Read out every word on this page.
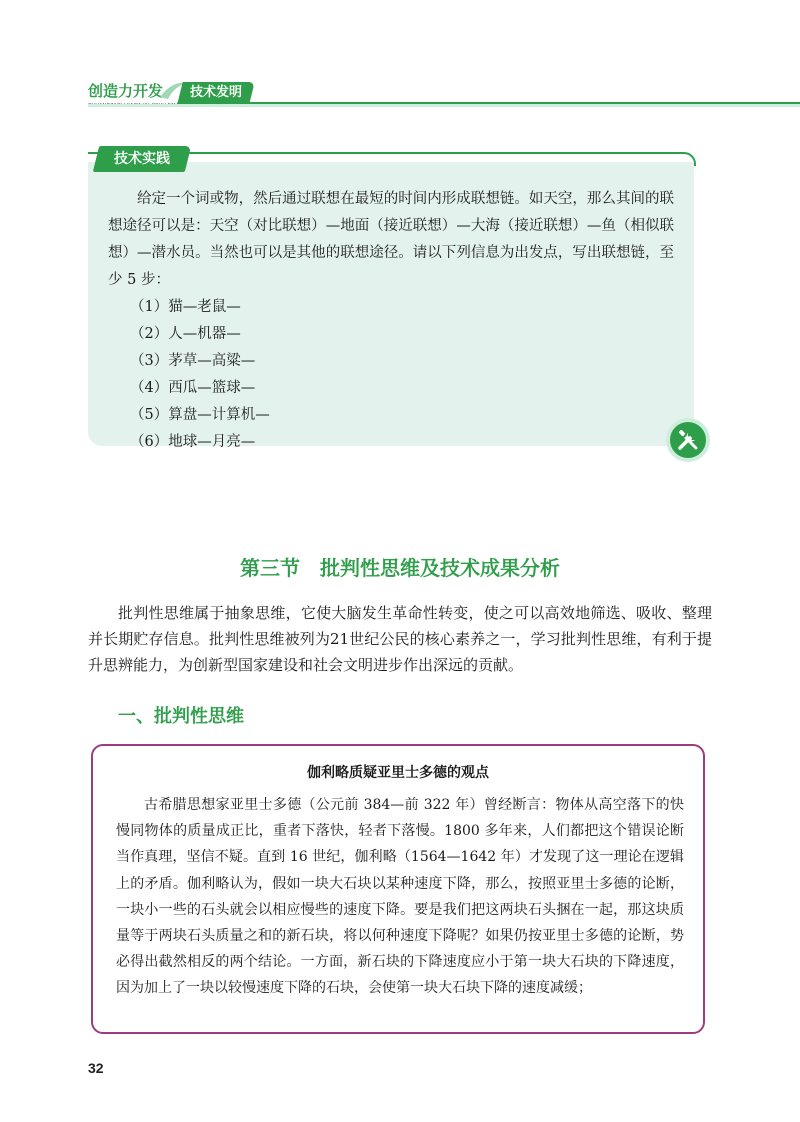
创造力开发	技术发明
技术实践

给定一个词或物，然后通过联想在最短的时间内形成联想链。如天空，那么其间的联想途径可以是：天空（对比联想）—地面（接近联想）—大海（接近联想）—鱼（相似联想）—潜水员。当然也可以是其他的联想途径。请以下列信息为出发点，写出联想链，至少 5 步：

（1）猫—老鼠—
（2）人—机器—
（3）茅草—高粱—
（4）西瓜—篮球—
（5）算盘—计算机—
（6）地球—月亮—
第三节　批判性思维及技术成果分析

批判性思维属于抽象思维，它使大脑发生革命性转变，使之可以高效地筛选、吸收、整理并长期贮存信息。批判性思维被列为21世纪公民的核心素养之一，学习批判性思维，有利于提升思辨能力，为创新型国家建设和社会文明进步作出深远的贡献。

一、批判性思维
伽利略质疑亚里士多德的观点

古希腊思想家亚里士多德（公元前 384—前 322 年）曾经断言：物体从高空落下的快慢同物体的质量成正比，重者下落快，轻者下落慢。1800 多年来，人们都把这个错误论断当作真理，坚信不疑。直到 16 世纪，伽利略（1564—1642 年）才发现了这一理论在逻辑上的矛盾。伽利略认为，假如一块大石块以某种速度下降，那么，按照亚里士多德的论断，一块小一些的石头就会以相应慢些的速度下降。要是我们把这两块石头捆在一起，那这块质量等于两块石头质量之和的新石块，将以何种速度下降呢？如果仍按亚里士多德的论断，势必得出截然相反的两个结论。一方面，新石块的下降速度应小于第一块大石块的下降速度，因为加上了一块以较慢速度下降的石块，会使第一块大石块下降的速度减缓；

32
